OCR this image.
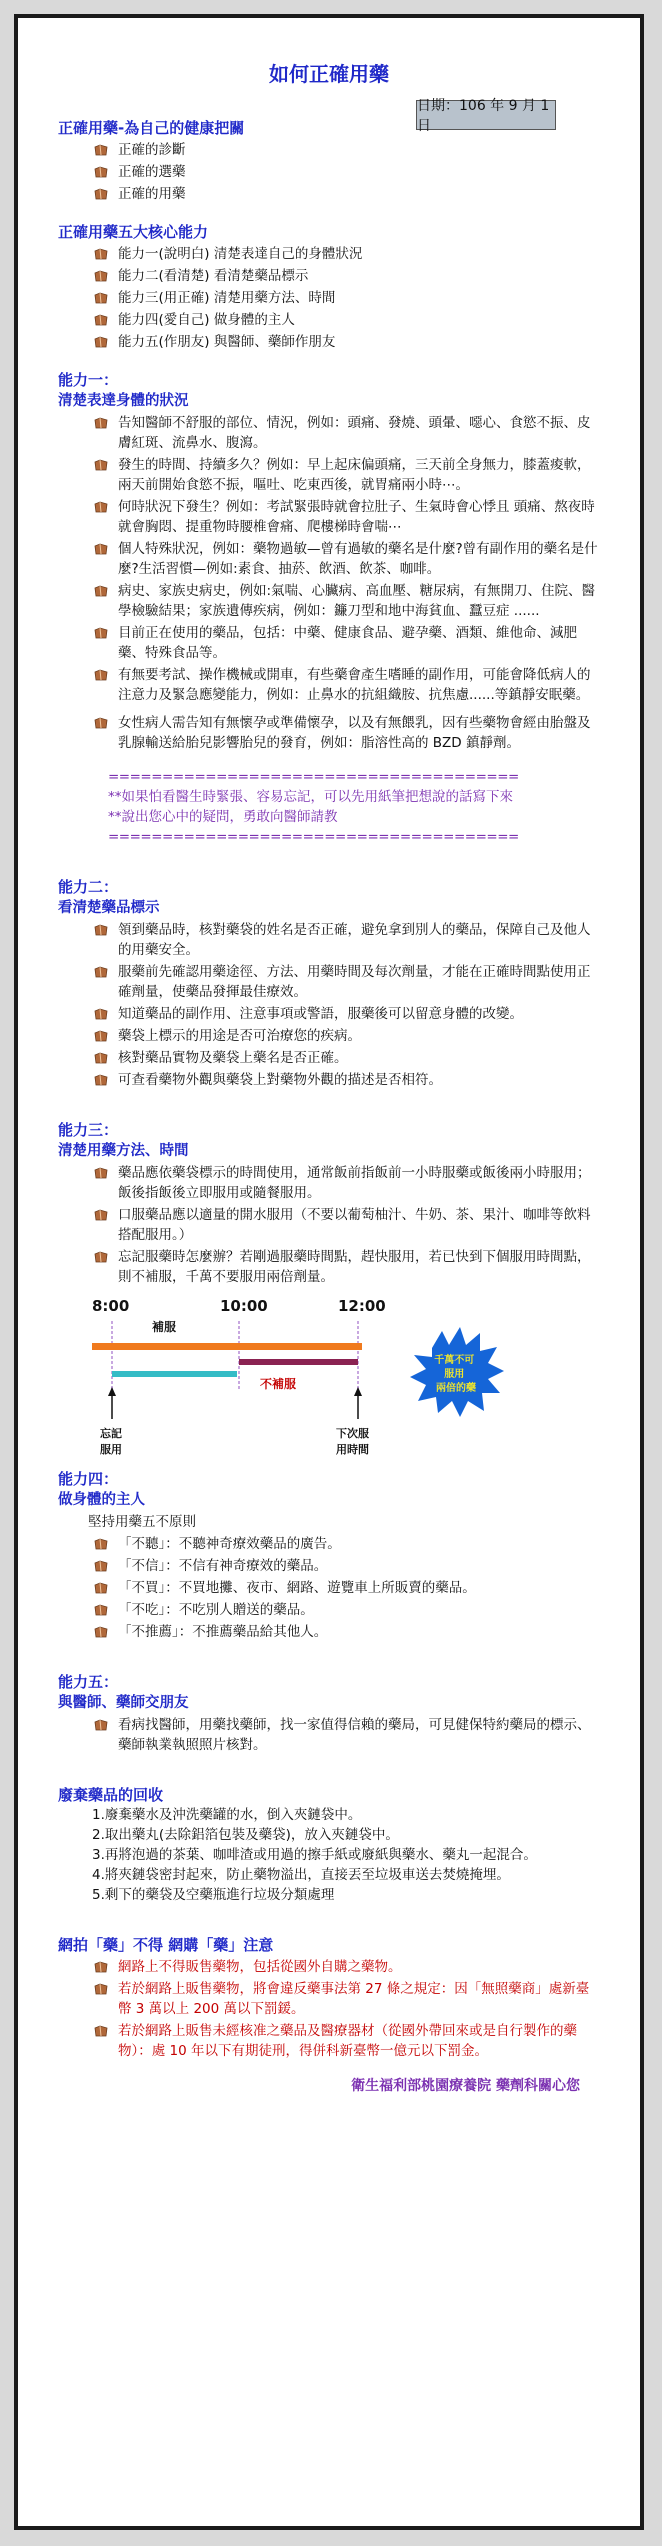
如何正確用藥
日期：106 年 9 月 1 日
正確用藥-為自己的健康把關
正確的診斷
正確的選藥
正確的用藥
正確用藥五大核心能力
能力一(說明白) 清楚表達自己的身體狀況
能力二(看清楚) 看清楚藥品標示
能力三(用正確) 清楚用藥方法、時間
能力四(愛自己) 做身體的主人
能力五(作朋友) 與醫師、藥師作朋友
能力一：
清楚表達身體的狀況
告知醫師不舒服的部位、情況，例如：頭痛、發燒、頭暈、噁心、食慾不振、皮膚紅斑、流鼻水、腹瀉。
發生的時間、持續多久？例如：早上起床偏頭痛，三天前全身無力，膝蓋痠軟，兩天前開始食慾不振，嘔吐、吃東西後，就胃痛兩小時⋯。
何時狀況下發生？例如：考試緊張時就會拉肚子、生氣時會心悸且 頭痛、熬夜時就會胸悶、提重物時腰椎會痛、爬樓梯時會喘⋯
個人特殊狀況，例如：藥物過敏—曾有過敏的藥名是什麼?曾有副作用的藥名是什麼?生活習慣—例如:素食、抽菸、飲酒、飲茶、咖啡。
病史、家族史病史，例如:氣喘、心臟病、高血壓、糖尿病，有無開刀、住院、醫學檢驗結果；家族遺傳疾病，例如：鐮刀型和地中海貧血、蠶豆症 ......
目前正在使用的藥品，包括：中藥、健康食品、避孕藥、酒類、維他命、減肥藥、特殊食品等。
有無要考試、操作機械或開車，有些藥會產生嗜睡的副作用，可能會降低病人的注意力及緊急應變能力，例如：止鼻水的抗組織胺、抗焦慮......等鎮靜安眠藥。
女性病人需告知有無懷孕或準備懷孕，以及有無餵乳，因有些藥物會經由胎盤及乳腺輸送給胎兒影響胎兒的發育，例如：脂溶性高的 BZD 鎮靜劑。
======================================
**如果怕看醫生時緊張、容易忘記，可以先用紙筆把想說的話寫下來
**說出您心中的疑問，勇敢向醫師請教
======================================
能力二：
看清楚藥品標示
領到藥品時，核對藥袋的姓名是否正確，避免拿到別人的藥品，保障自己及他人的用藥安全。
服藥前先確認用藥途徑、方法、用藥時間及每次劑量，才能在正確時間點使用正確劑量，使藥品發揮最佳療效。
知道藥品的副作用、注意事項或警語，服藥後可以留意身體的改變。
藥袋上標示的用途是否可治療您的疾病。
核對藥品實物及藥袋上藥名是否正確。
可查看藥物外觀與藥袋上對藥物外觀的描述是否相符。
能力三：
清楚用藥方法、時間
藥品應依藥袋標示的時間使用，通常飯前指飯前一小時服藥或飯後兩小時服用；飯後指飯後立即服用或隨餐服用。
口服藥品應以適量的開水服用（不要以葡萄柚汁、牛奶、茶、果汁、咖啡等飲料搭配服用。）
忘記服藥時怎麼辦？若剛過服藥時間點，趕快服用，若已快到下個服用時間點，則不補服，千萬不要服用兩倍劑量。
8:00	10:00	12:00
補服
不補服
忘記 服用
下次服 用時間
千萬不可 服用 兩倍的藥
能力四：
做身體的主人
堅持用藥五不原則
「不聽」：不聽神奇療效藥品的廣告。
「不信」：不信有神奇療效的藥品。
「不買」：不買地攤、夜市、網路、遊覽車上所販賣的藥品。
「不吃」：不吃別人贈送的藥品。
「不推薦」：不推薦藥品給其他人。
能力五：
與醫師、藥師交朋友
看病找醫師，用藥找藥師，找一家值得信賴的藥局，可見健保特約藥局的標示、藥師執業執照照片核對。
廢棄藥品的回收
1.廢棄藥水及沖洗藥罐的水，倒入夾鏈袋中。
2.取出藥丸(去除鋁箔包裝及藥袋)，放入夾鏈袋中。
3.再將泡過的茶葉、咖啡渣或用過的擦手紙或廢紙與藥水、藥丸一起混合。
4.將夾鏈袋密封起來，防止藥物溢出，直接丟至垃圾車送去焚燒掩埋。
5.剩下的藥袋及空藥瓶進行垃圾分類處理
網拍「藥」不得 網購「藥」注意
網路上不得販售藥物，包括從國外自購之藥物。
若於網路上販售藥物，將會違反藥事法第 27 條之規定：因「無照藥商」處新臺幣 3 萬以上 200 萬以下罰鍰。
若於網路上販售未經核准之藥品及醫療器材（從國外帶回來或是自行製作的藥物）：處 10 年以下有期徒刑，得併科新臺幣一億元以下罰金。
衛生福利部桃園療養院 藥劑科關心您
